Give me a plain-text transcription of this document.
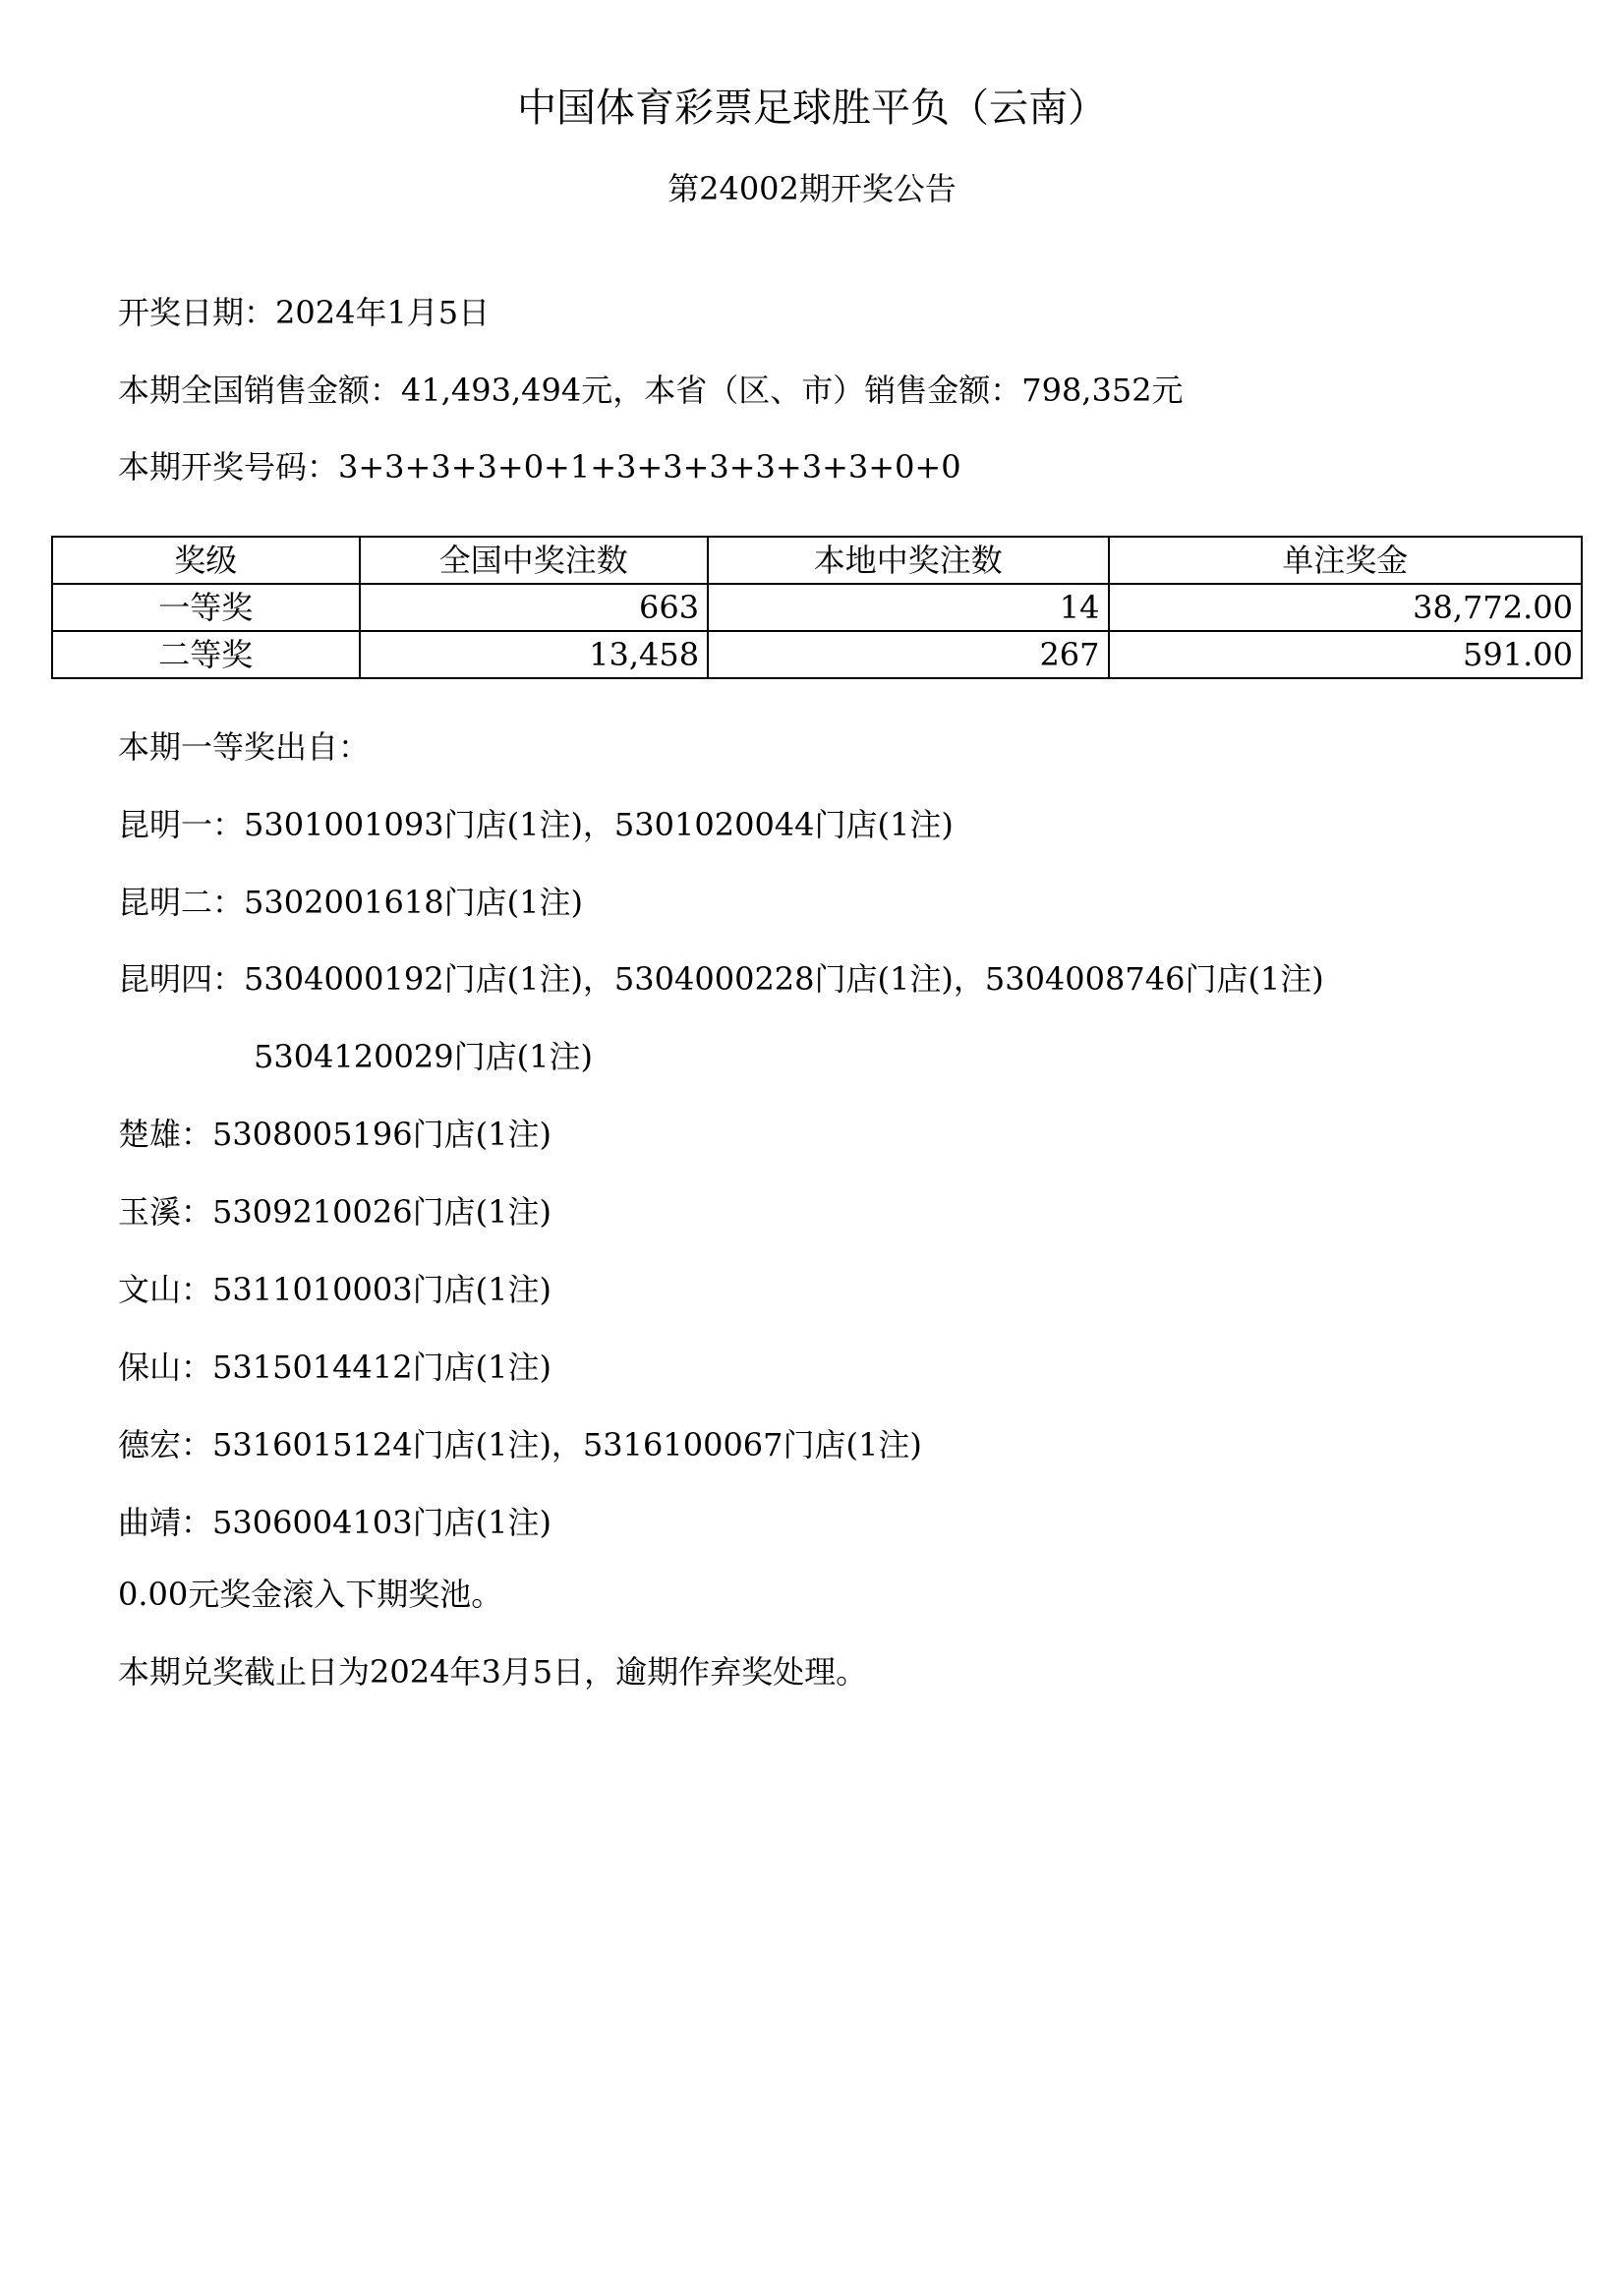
中国体育彩票足球胜平负（云南）
第24002期开奖公告
开奖日期：2024年1月5日
本期全国销售金额：41,493,494元，本省（区、市）销售金额：798,352元
本期开奖号码：3+3+3+3+0+1+3+3+3+3+3+3+0+0
奖级	全国中奖注数	本地中奖注数	单注奖金
一等奖	663	14	38,772.00
二等奖	13,458	267	591.00
本期一等奖出自：
昆明一：5301001093门店(1注)，5301020044门店(1注)
昆明二：5302001618门店(1注)
昆明四：5304000192门店(1注)，5304000228门店(1注)，5304008746门店(1注)
5304120029门店(1注)
楚雄：5308005196门店(1注)
玉溪：5309210026门店(1注)
文山：5311010003门店(1注)
保山：5315014412门店(1注)
德宏：5316015124门店(1注)，5316100067门店(1注)
曲靖：5306004103门店(1注)
0.00元奖金滚入下期奖池。
本期兑奖截止日为2024年3月5日，逾期作弃奖处理。
